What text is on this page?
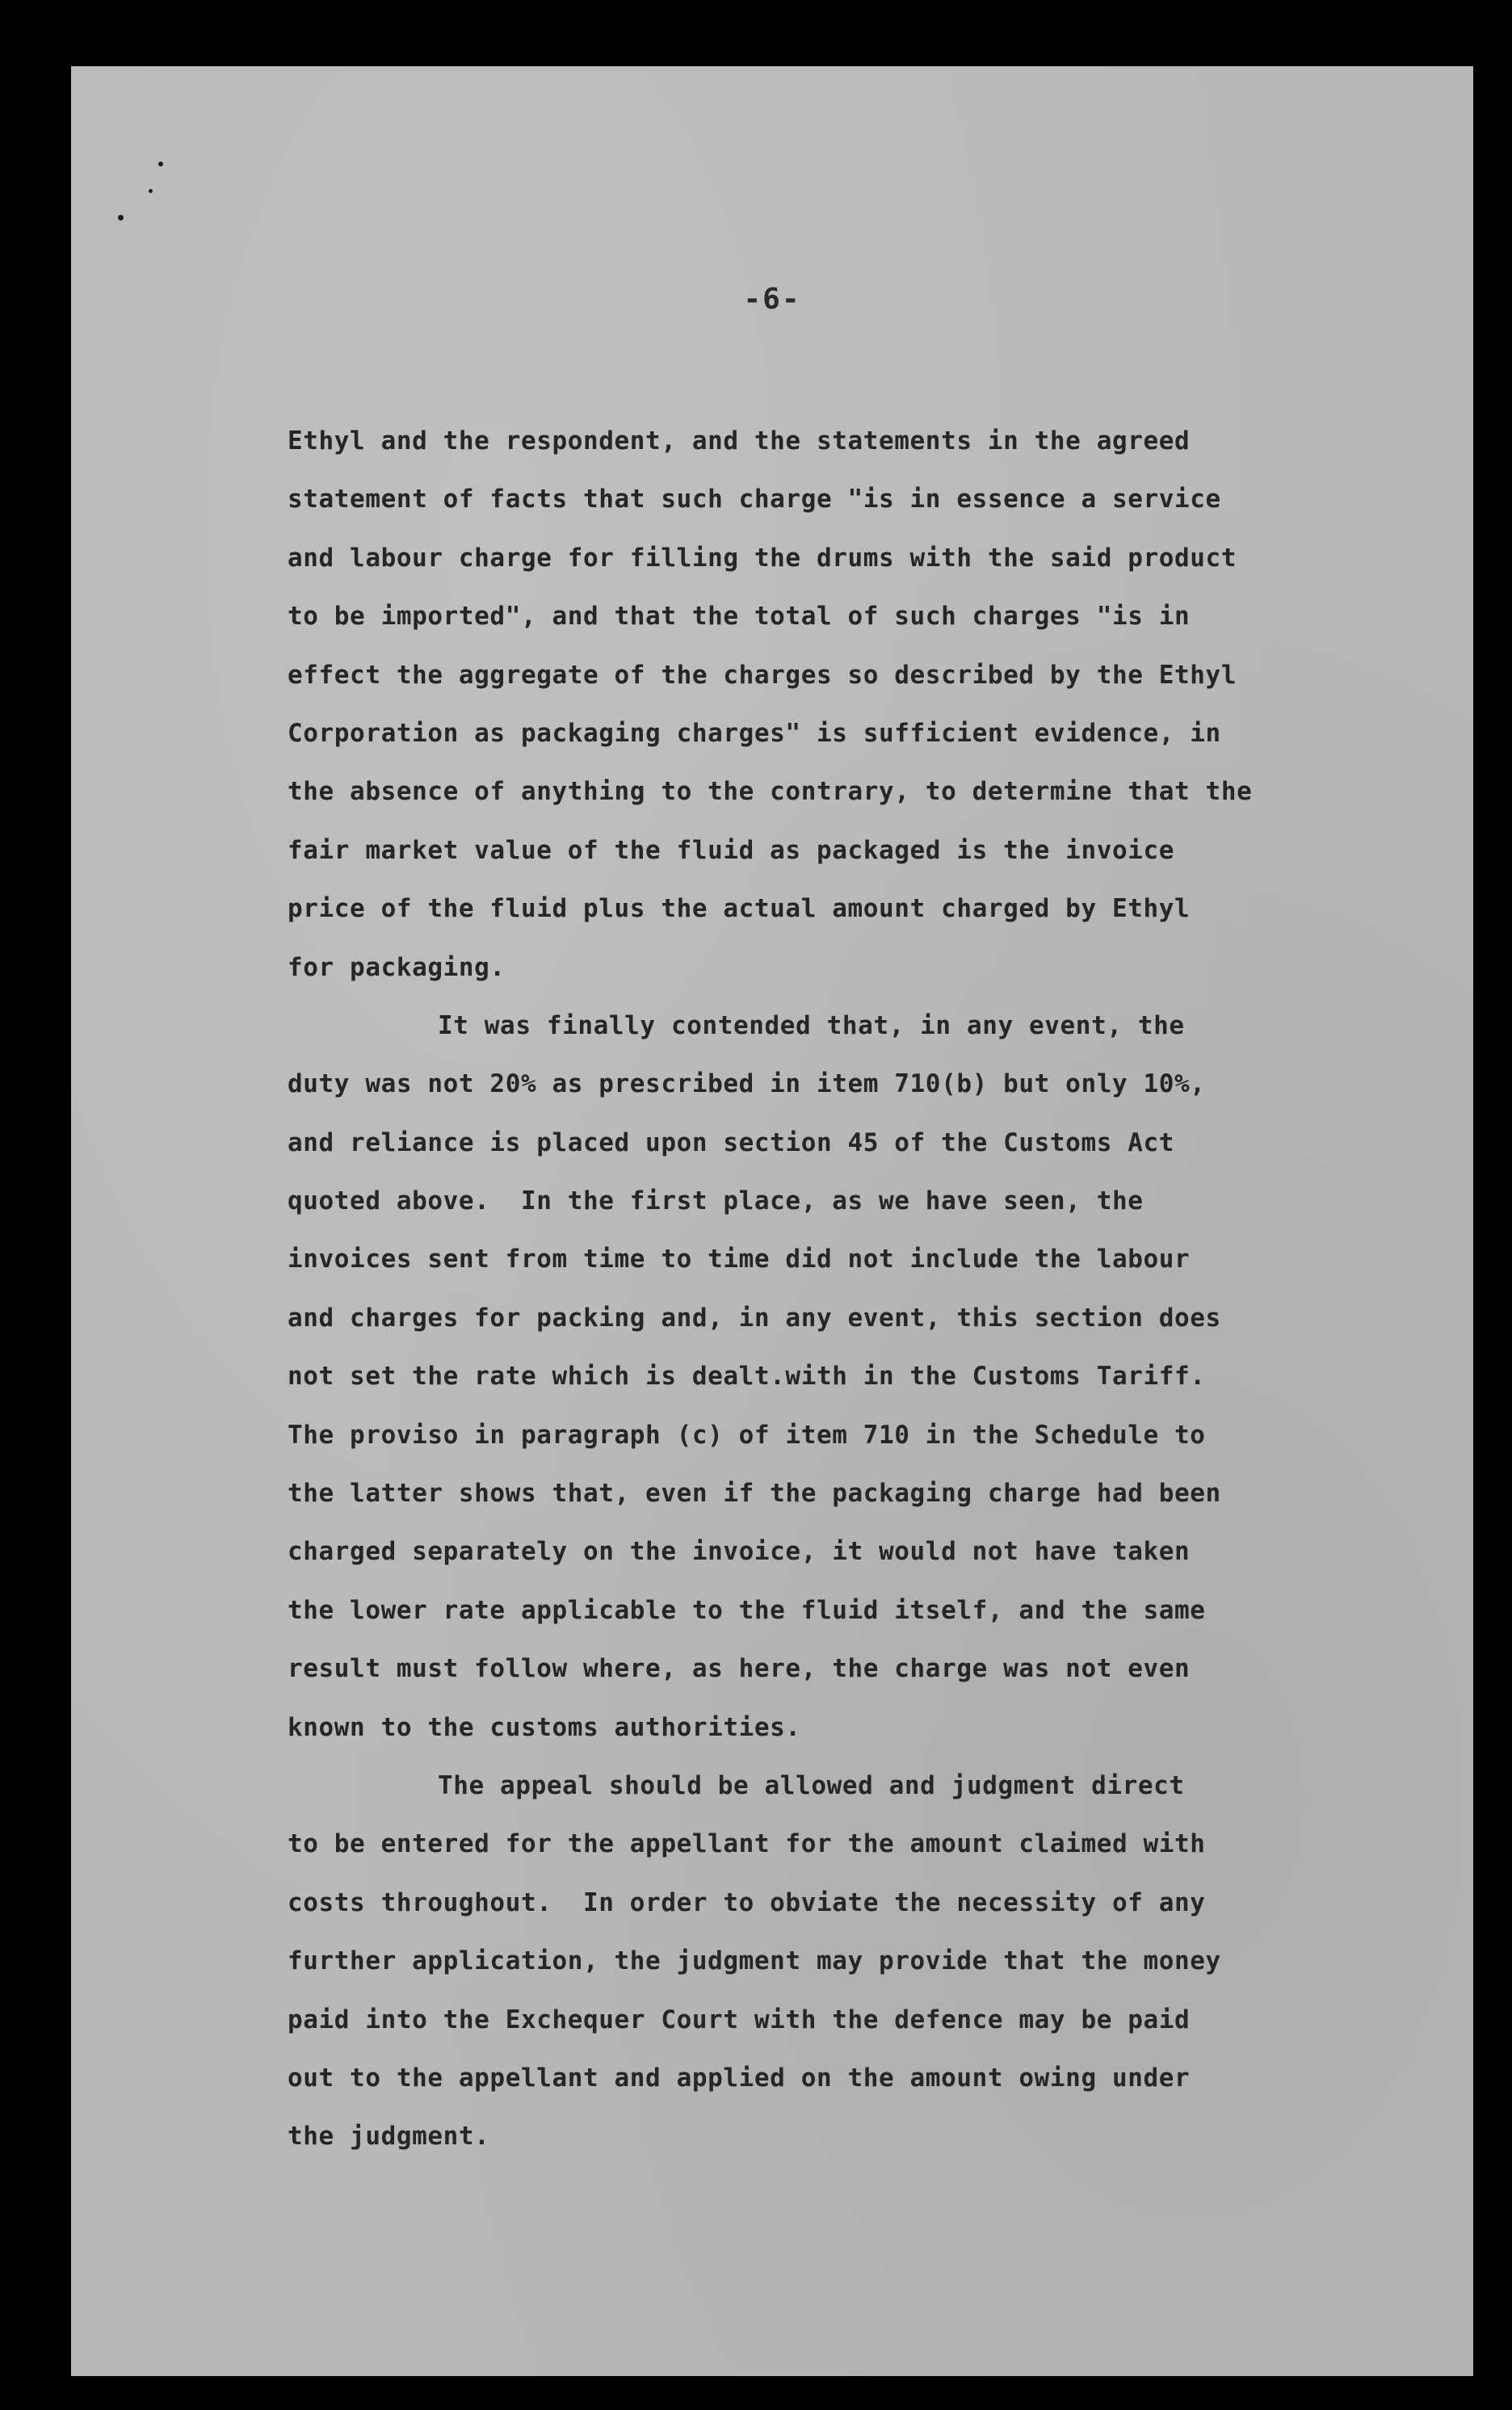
-6-
Ethyl and the respondent, and the statements in the agreed
statement of facts that such charge "is in essence a service
and labour charge for filling the drums with the said product
to be imported", and that the total of such charges "is in
effect the aggregate of the charges so described by the Ethyl
Corporation as packaging charges" is sufficient evidence, in
the absence of anything to the contrary, to determine that the
fair market value of the fluid as packaged is the invoice
price of the fluid plus the actual amount charged by Ethyl
for packaging.
It was finally contended that, in any event, the
duty was not 20% as prescribed in item 710(b) but only 10%,
and reliance is placed upon section 45 of the Customs Act
quoted above.  In the first place, as we have seen, the
invoices sent from time to time did not include the labour
and charges for packing and, in any event, this section does
not set the rate which is dealt.with in the Customs Tariff.
The proviso in paragraph (c) of item 710 in the Schedule to
the latter shows that, even if the packaging charge had been
charged separately on the invoice, it would not have taken
the lower rate applicable to the fluid itself, and the same
result must follow where, as here, the charge was not even
known to the customs authorities.
The appeal should be allowed and judgment direct
to be entered for the appellant for the amount claimed with
costs throughout.  In order to obviate the necessity of any
further application, the judgment may provide that the money
paid into the Exchequer Court with the defence may be paid
out to the appellant and applied on the amount owing under
the judgment.
